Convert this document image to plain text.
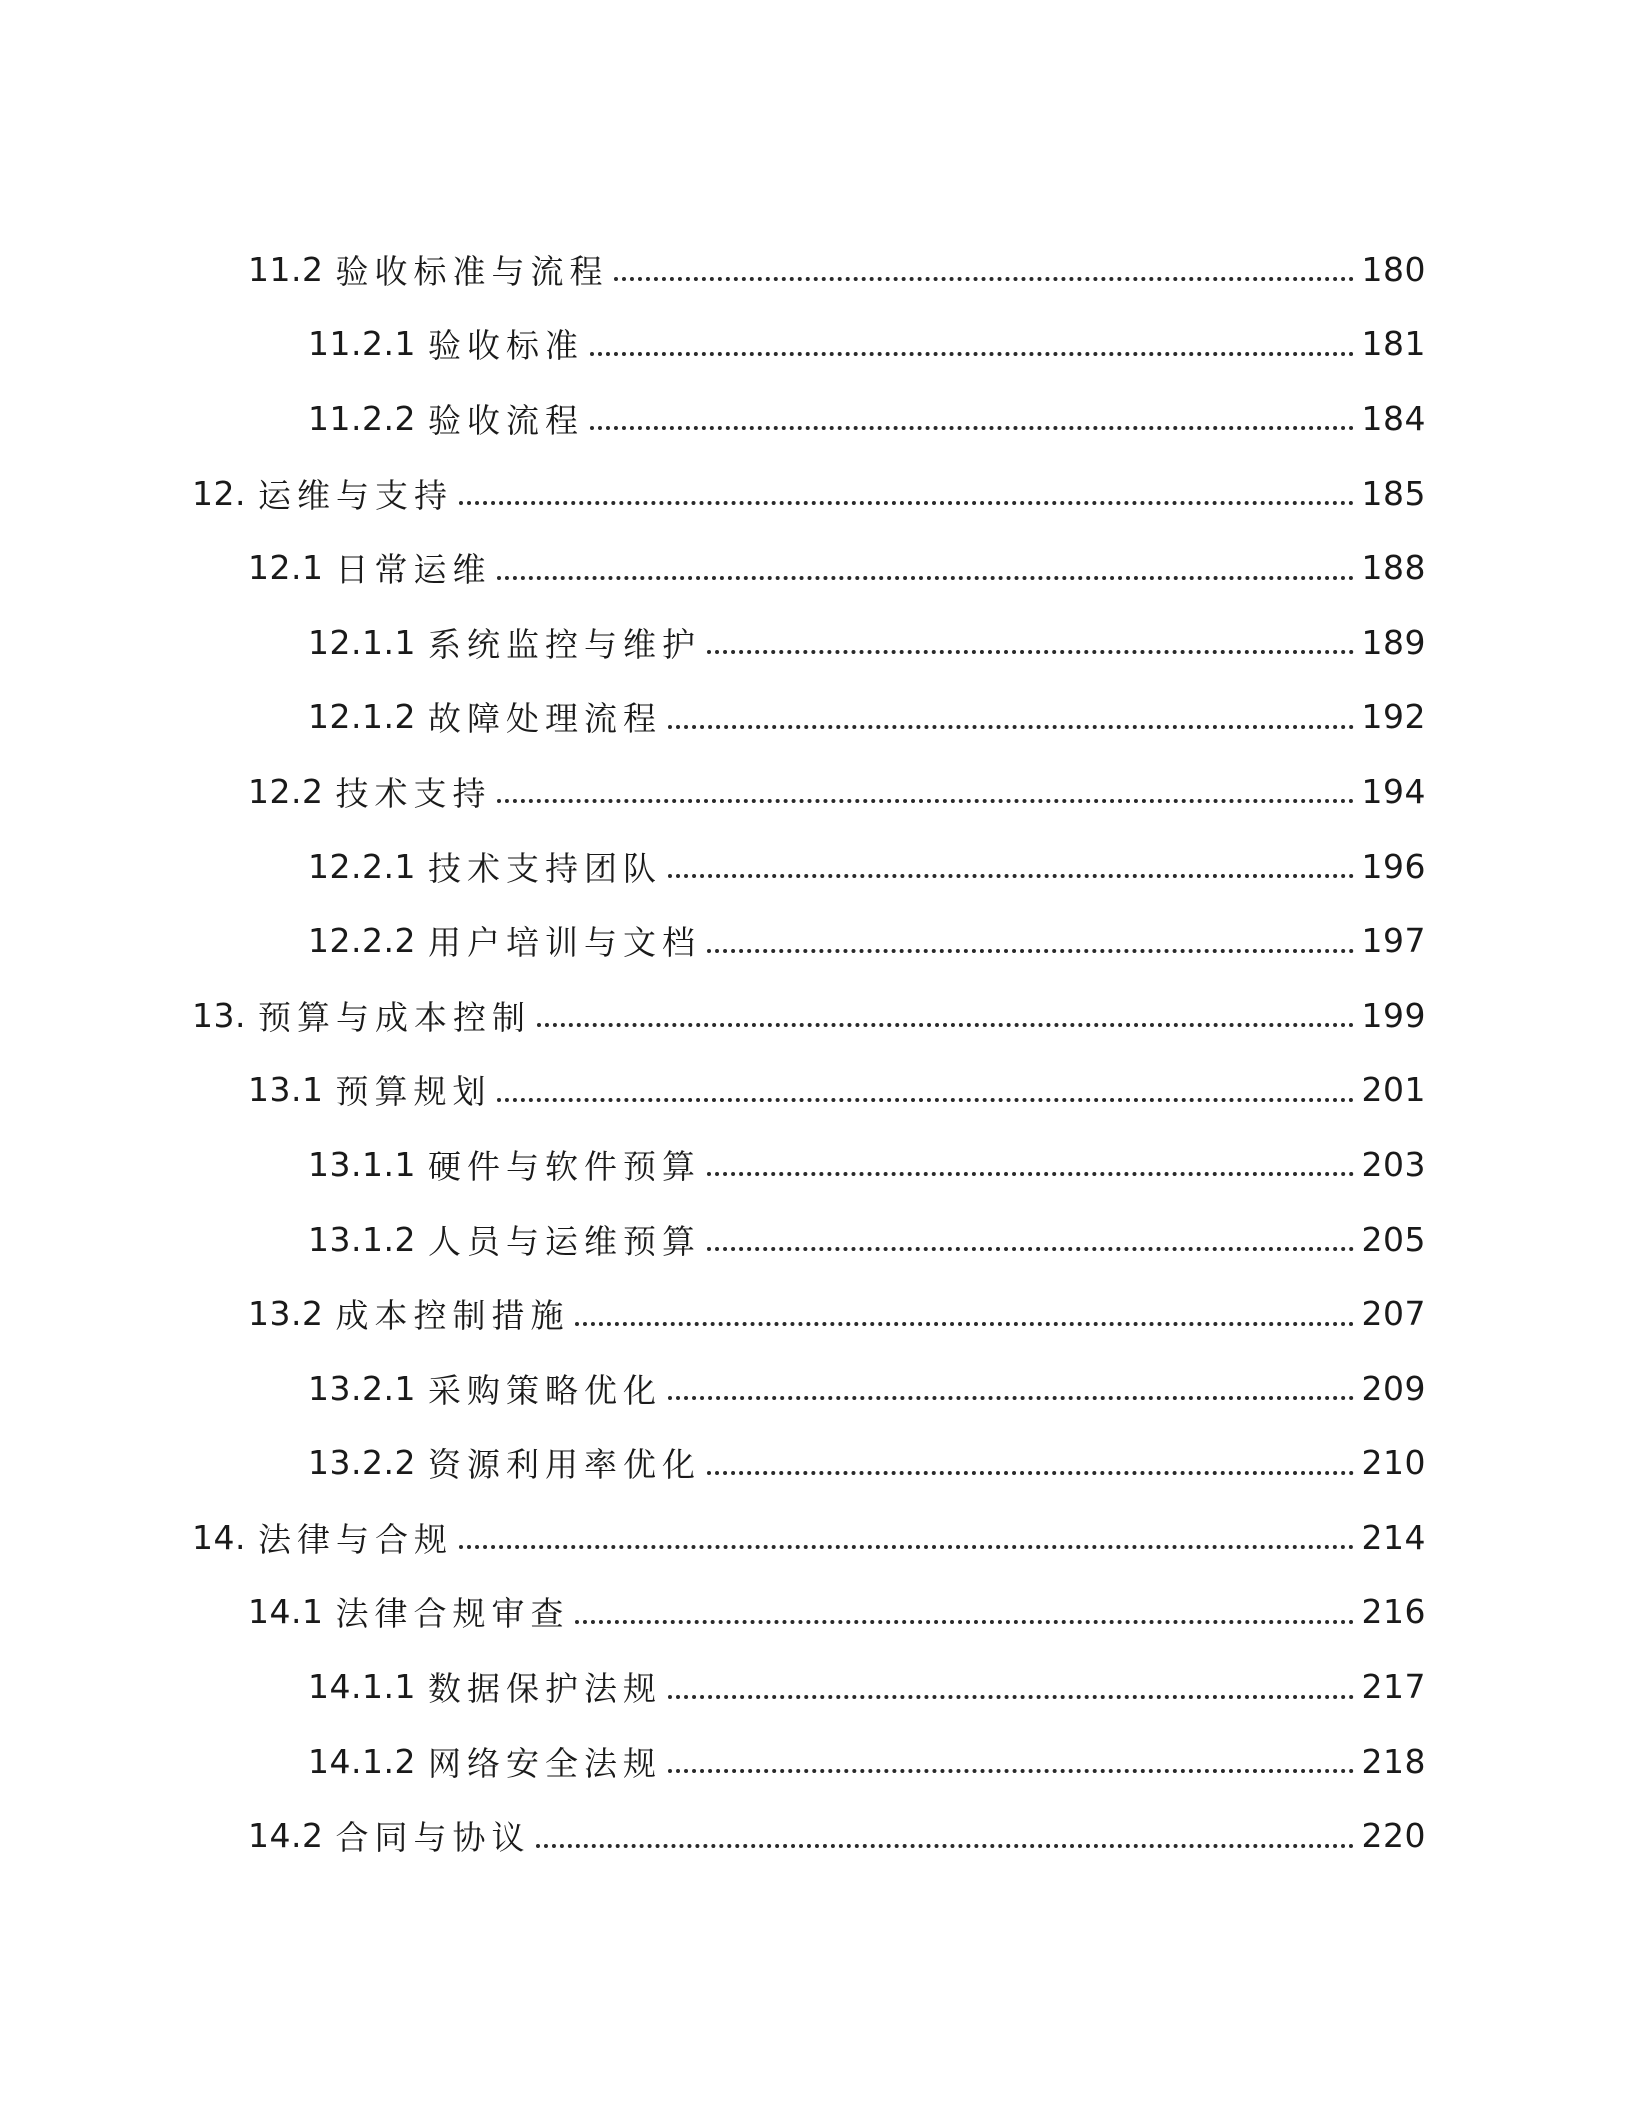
11.2 验收标准与流程	180
11.2.1 验收标准	181
11.2.2 验收流程	184
12. 运维与支持	185
12.1 日常运维	188
12.1.1 系统监控与维护	189
12.1.2 故障处理流程	192
12.2 技术支持	194
12.2.1 技术支持团队	196
12.2.2 用户培训与文档	197
13. 预算与成本控制	199
13.1 预算规划	201
13.1.1 硬件与软件预算	203
13.1.2 人员与运维预算	205
13.2 成本控制措施	207
13.2.1 采购策略优化	209
13.2.2 资源利用率优化	210
14. 法律与合规	214
14.1 法律合规审查	216
14.1.1 数据保护法规	217
14.1.2 网络安全法规	218
14.2 合同与协议	220
